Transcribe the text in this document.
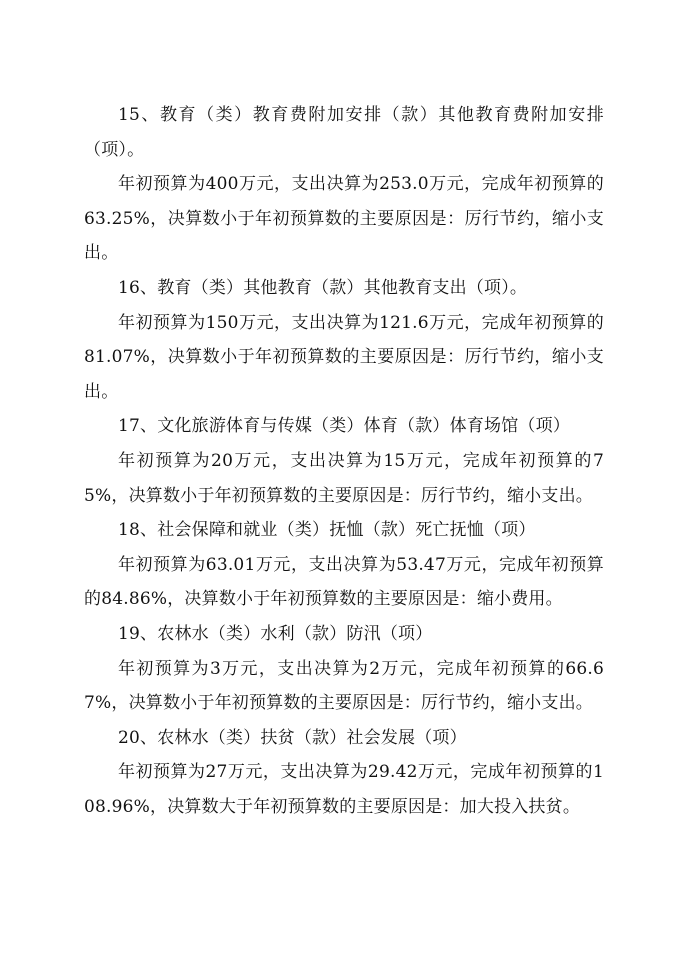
15、教育（类）教育费附加安排（款）其他教育费附加安排（项）。

年初预算为400万元，支出决算为253.0万元，完成年初预算的63.25%，决算数小于年初预算数的主要原因是：厉行节约，缩小支出。

16、教育（类）其他教育（款）其他教育支出（项）。

年初预算为150万元，支出决算为121.6万元，完成年初预算的81.07%，决算数小于年初预算数的主要原因是：厉行节约，缩小支出。

17、文化旅游体育与传媒（类）体育（款）体育场馆（项）

年初预算为20万元，支出决算为15万元，完成年初预算的75%，决算数小于年初预算数的主要原因是：厉行节约，缩小支出。

18、社会保障和就业（类）抚恤（款）死亡抚恤（项）

年初预算为63.01万元，支出决算为53.47万元，完成年初预算的84.86%，决算数小于年初预算数的主要原因是：缩小费用。

19、农林水（类）水利（款）防汛（项）

年初预算为3万元，支出决算为2万元，完成年初预算的66.67%，决算数小于年初预算数的主要原因是：厉行节约，缩小支出。

20、农林水（类）扶贫（款）社会发展（项）

年初预算为27万元，支出决算为29.42万元，完成年初预算的108.96%，决算数大于年初预算数的主要原因是：加大投入扶贫。
